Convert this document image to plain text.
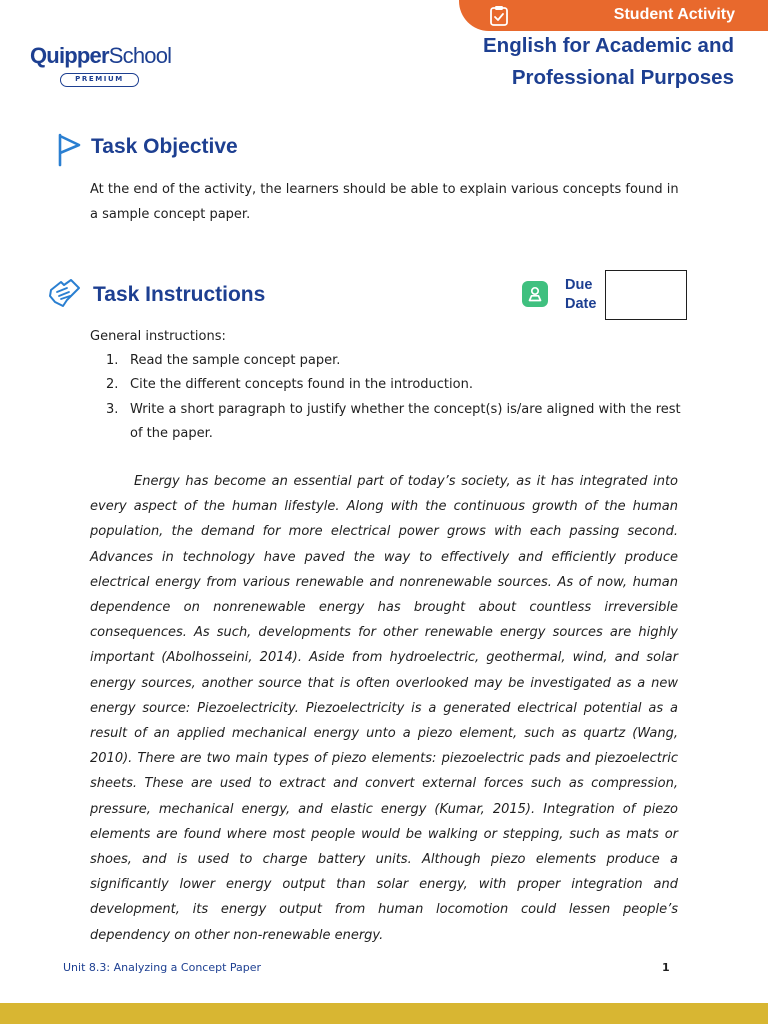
Student Activity
English for Academic and
Professional Purposes
QuipperSchool
PREMIUM
Task Objective

At the end of the activity, the learners should be able to explain various concepts found in a sample concept paper.

Task Instructions	Due
Date
General instructions:
1. Read the sample concept paper.
2. Cite the different concepts found in the introduction.
3. Write a short paragraph to justify whether the concept(s) is/are aligned with the rest of the paper.

Energy has become an essential part of today’s society, as it has integrated into every aspect of the human lifestyle. Along with the continuous growth of the human population, the demand for more electrical power grows with each passing second. Advances in technology have paved the way to effectively and efficiently produce electrical energy from various renewable and nonrenewable sources. As of now, human dependence on nonrenewable energy has brought about countless irreversible consequences. As such, developments for other renewable energy sources are highly important (Abolhosseini, 2014). Aside from hydroelectric, geothermal, wind, and solar energy sources, another source that is often overlooked may be investigated as a new energy source: Piezoelectricity. Piezoelectricity is a generated electrical potential as a result of an applied mechanical energy unto a piezo element, such as quartz (Wang, 2010). There are two main types of piezo elements: piezoelectric pads and piezoelectric sheets. These are used to extract and convert external forces such as compression, pressure, mechanical energy, and elastic energy (Kumar, 2015). Integration of piezo elements are found where most people would be walking or stepping, such as mats or shoes, and is used to charge battery units. Although piezo elements produce a significantly lower energy output than solar energy, with proper integration and development, its energy output from human locomotion could lessen people’s dependency on other non-renewable energy.

Unit 8.3: Analyzing a Concept Paper	1
